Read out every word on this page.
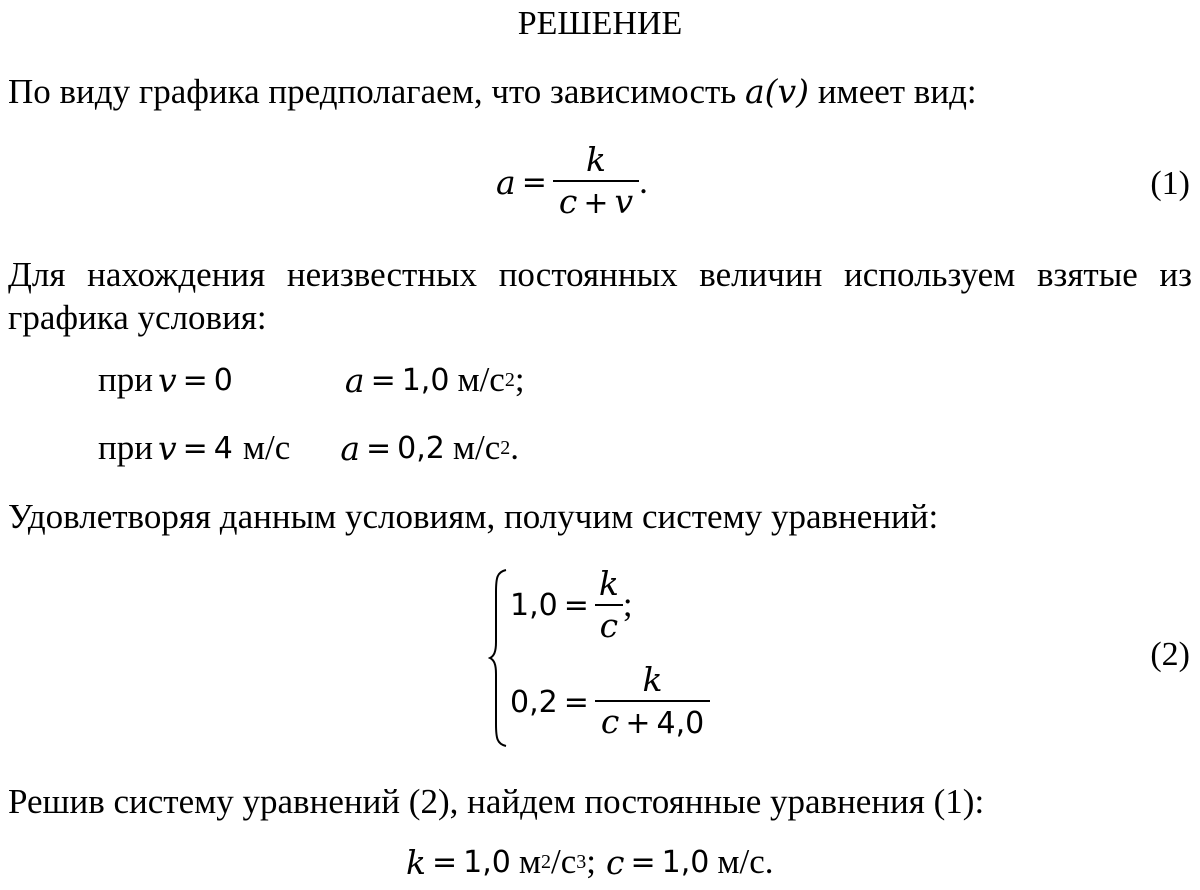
РЕШЕНИЕ
По виду графика предполагаем, что зависимость a(v) имеет вид:
$a = \frac{k}{c + v}$ .	(1)
Для нахождения неизвестных постоянных величин используем взятые из
графика условия:
при v = 0	a = 1,0 м/с 2 ;
при v = 4 м/с a = 0,2 м/с 2 .
Удовлетворяя данным условиям, получим систему уравнений:
$1,0 = \frac{k}{c}$ ;
$0,2 = \frac{k}{c + 4,0}$
(2)
Решив систему уравнений (2), найдем постоянные уравнения (1):
k = 1,0 м 2 /с 3 ; c = 1,0 м/с.
